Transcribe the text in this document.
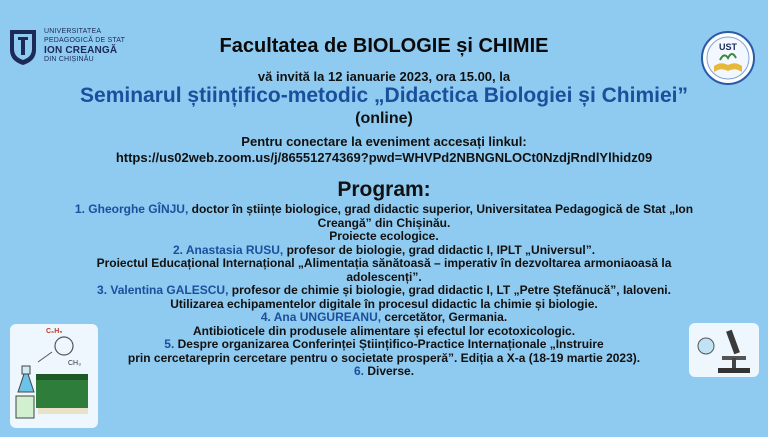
UNIVERSITATEA
PEDAGOGICĂ DE STAT
ION CREANGĂ
DIN CHIȘINĂU
UST
Facultatea de BIOLOGIE și CHIMIE
vă invită la 12 ianuarie 2023, ora 15.00, la
Seminarul științifico-metodic „Didactica Biologiei și Chimiei”
(online)
Pentru conectare la eveniment accesați linkul:
https://us02web.zoom.us/j/86551274369?pwd=WHVPd2NBNGNLOCt0NzdjRndlYlhidz09
Program:
1. Gheorghe GÎNJU, doctor în științe biologice, grad didactic superior, Universitatea Pedagogică de Stat „Ion
Creangă” din Chișinău.
Proiecte ecologice.
2. Anastasia RUSU, profesor de biologie, grad didactic I, IPLT „Universul”.
Proiectul Educațional Internațional „Alimentația sănătoasă – imperativ în dezvoltarea armoniaoasă la adolescenți”.
3. Valentina GALESCU, profesor de chimie și biologie, grad didactic I, LT „Petre Ștefănucă”, Ialoveni.
Utilizarea echipamentelor digitale în procesul didactic la chimie și biologie.
4. Ana UNGUREANU, cercetător, Germania.
Antibioticele din produsele alimentare și efectul lor ecotoxicologic.
5. Despre organizarea Conferinței Științifico-Practice Internaționale „Instruire
prin cercetareprin cercetare pentru o societate prosperă”. Ediția a X-a (18-19 martie 2023).
6. Diverse.
C₆H₅
CH₃
